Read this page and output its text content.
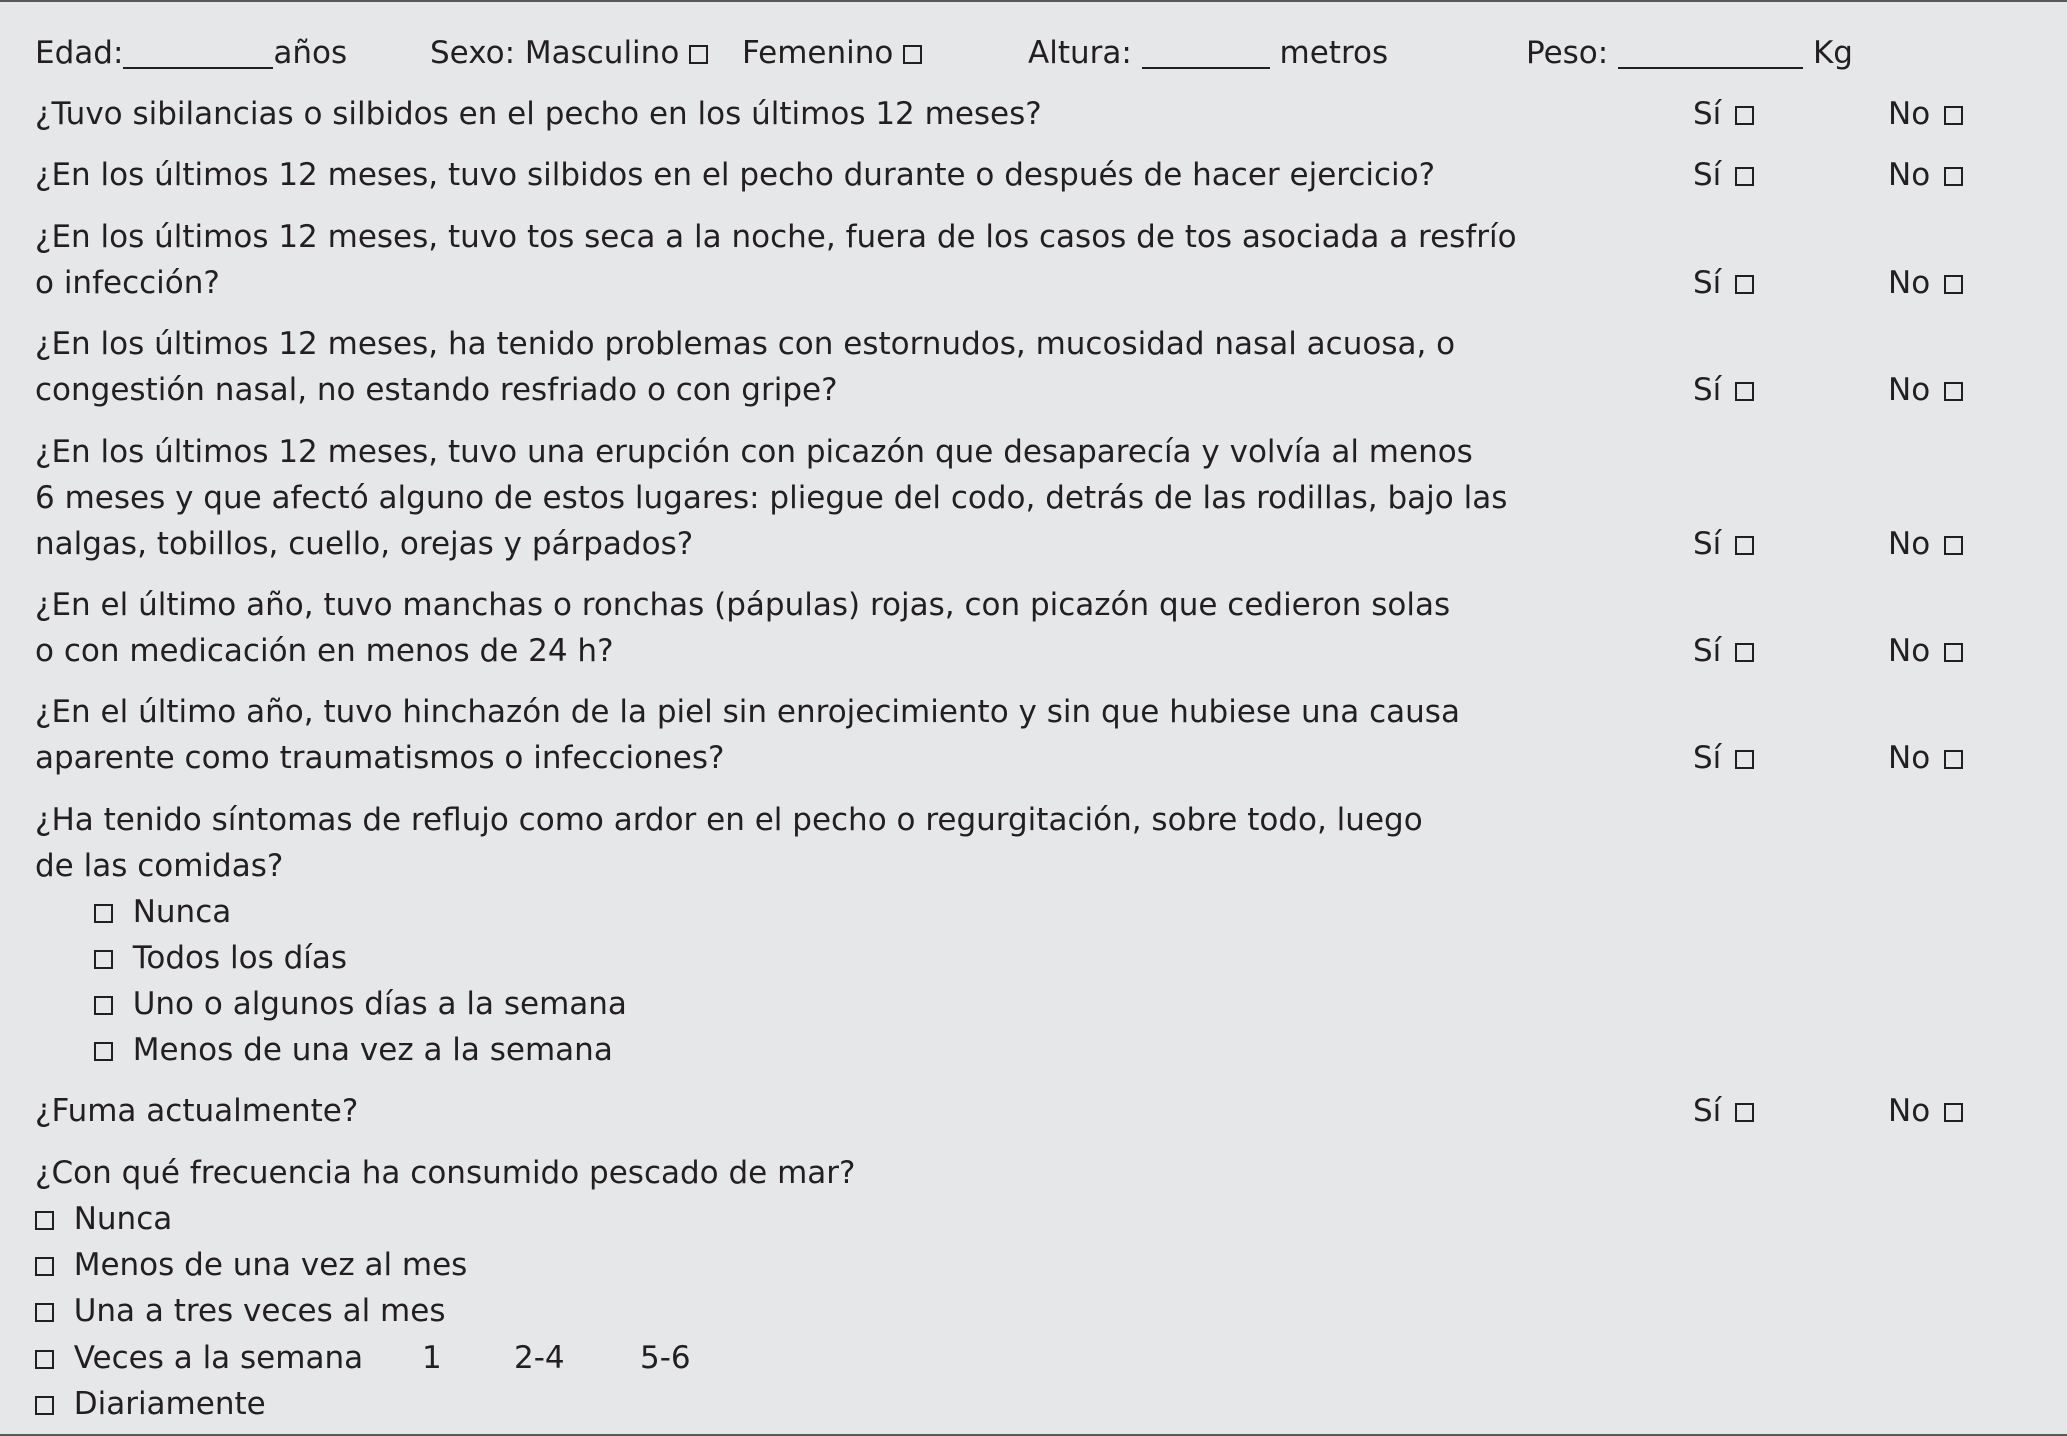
Edad:	años	Sexo: Masculino	Femenino	Altura:	metros	Peso:	Kg
¿Tuvo sibilancias o silbidos en el pecho en los últimos 12 meses?	Sí	No
¿En los últimos 12 meses, tuvo silbidos en el pecho durante o después de hacer ejercicio?	Sí	No
¿En los últimos 12 meses, tuvo tos seca a la noche, fuera de los casos de tos asociada a resfrío
o infección?	Sí	No
¿En los últimos 12 meses, ha tenido problemas con estornudos, mucosidad nasal acuosa, o
congestión nasal, no estando resfriado o con gripe?	Sí	No
¿En los últimos 12 meses, tuvo una erupción con picazón que desaparecía y volvía al menos
6 meses y que afectó alguno de estos lugares: pliegue del codo, detrás de las rodillas, bajo las
nalgas, tobillos, cuello, orejas y párpados?	Sí	No
¿En el último año, tuvo manchas o ronchas (pápulas) rojas, con picazón que cedieron solas
o con medicación en menos de 24 h?	Sí	No
¿En el último año, tuvo hinchazón de la piel sin enrojecimiento y sin que hubiese una causa
aparente como traumatismos o infecciones?	Sí	No
¿Ha tenido síntomas de reflujo como ardor en el pecho o regurgitación, sobre todo, luego
de las comidas?
Nunca
Todos los días
Uno o algunos días a la semana
Menos de una vez a la semana
¿Fuma actualmente?	Sí	No
¿Con qué frecuencia ha consumido pescado de mar?
Nunca
Menos de una vez al mes
Una a tres veces al mes
Veces a la semana 1 2-4 5-6
Diariamente
